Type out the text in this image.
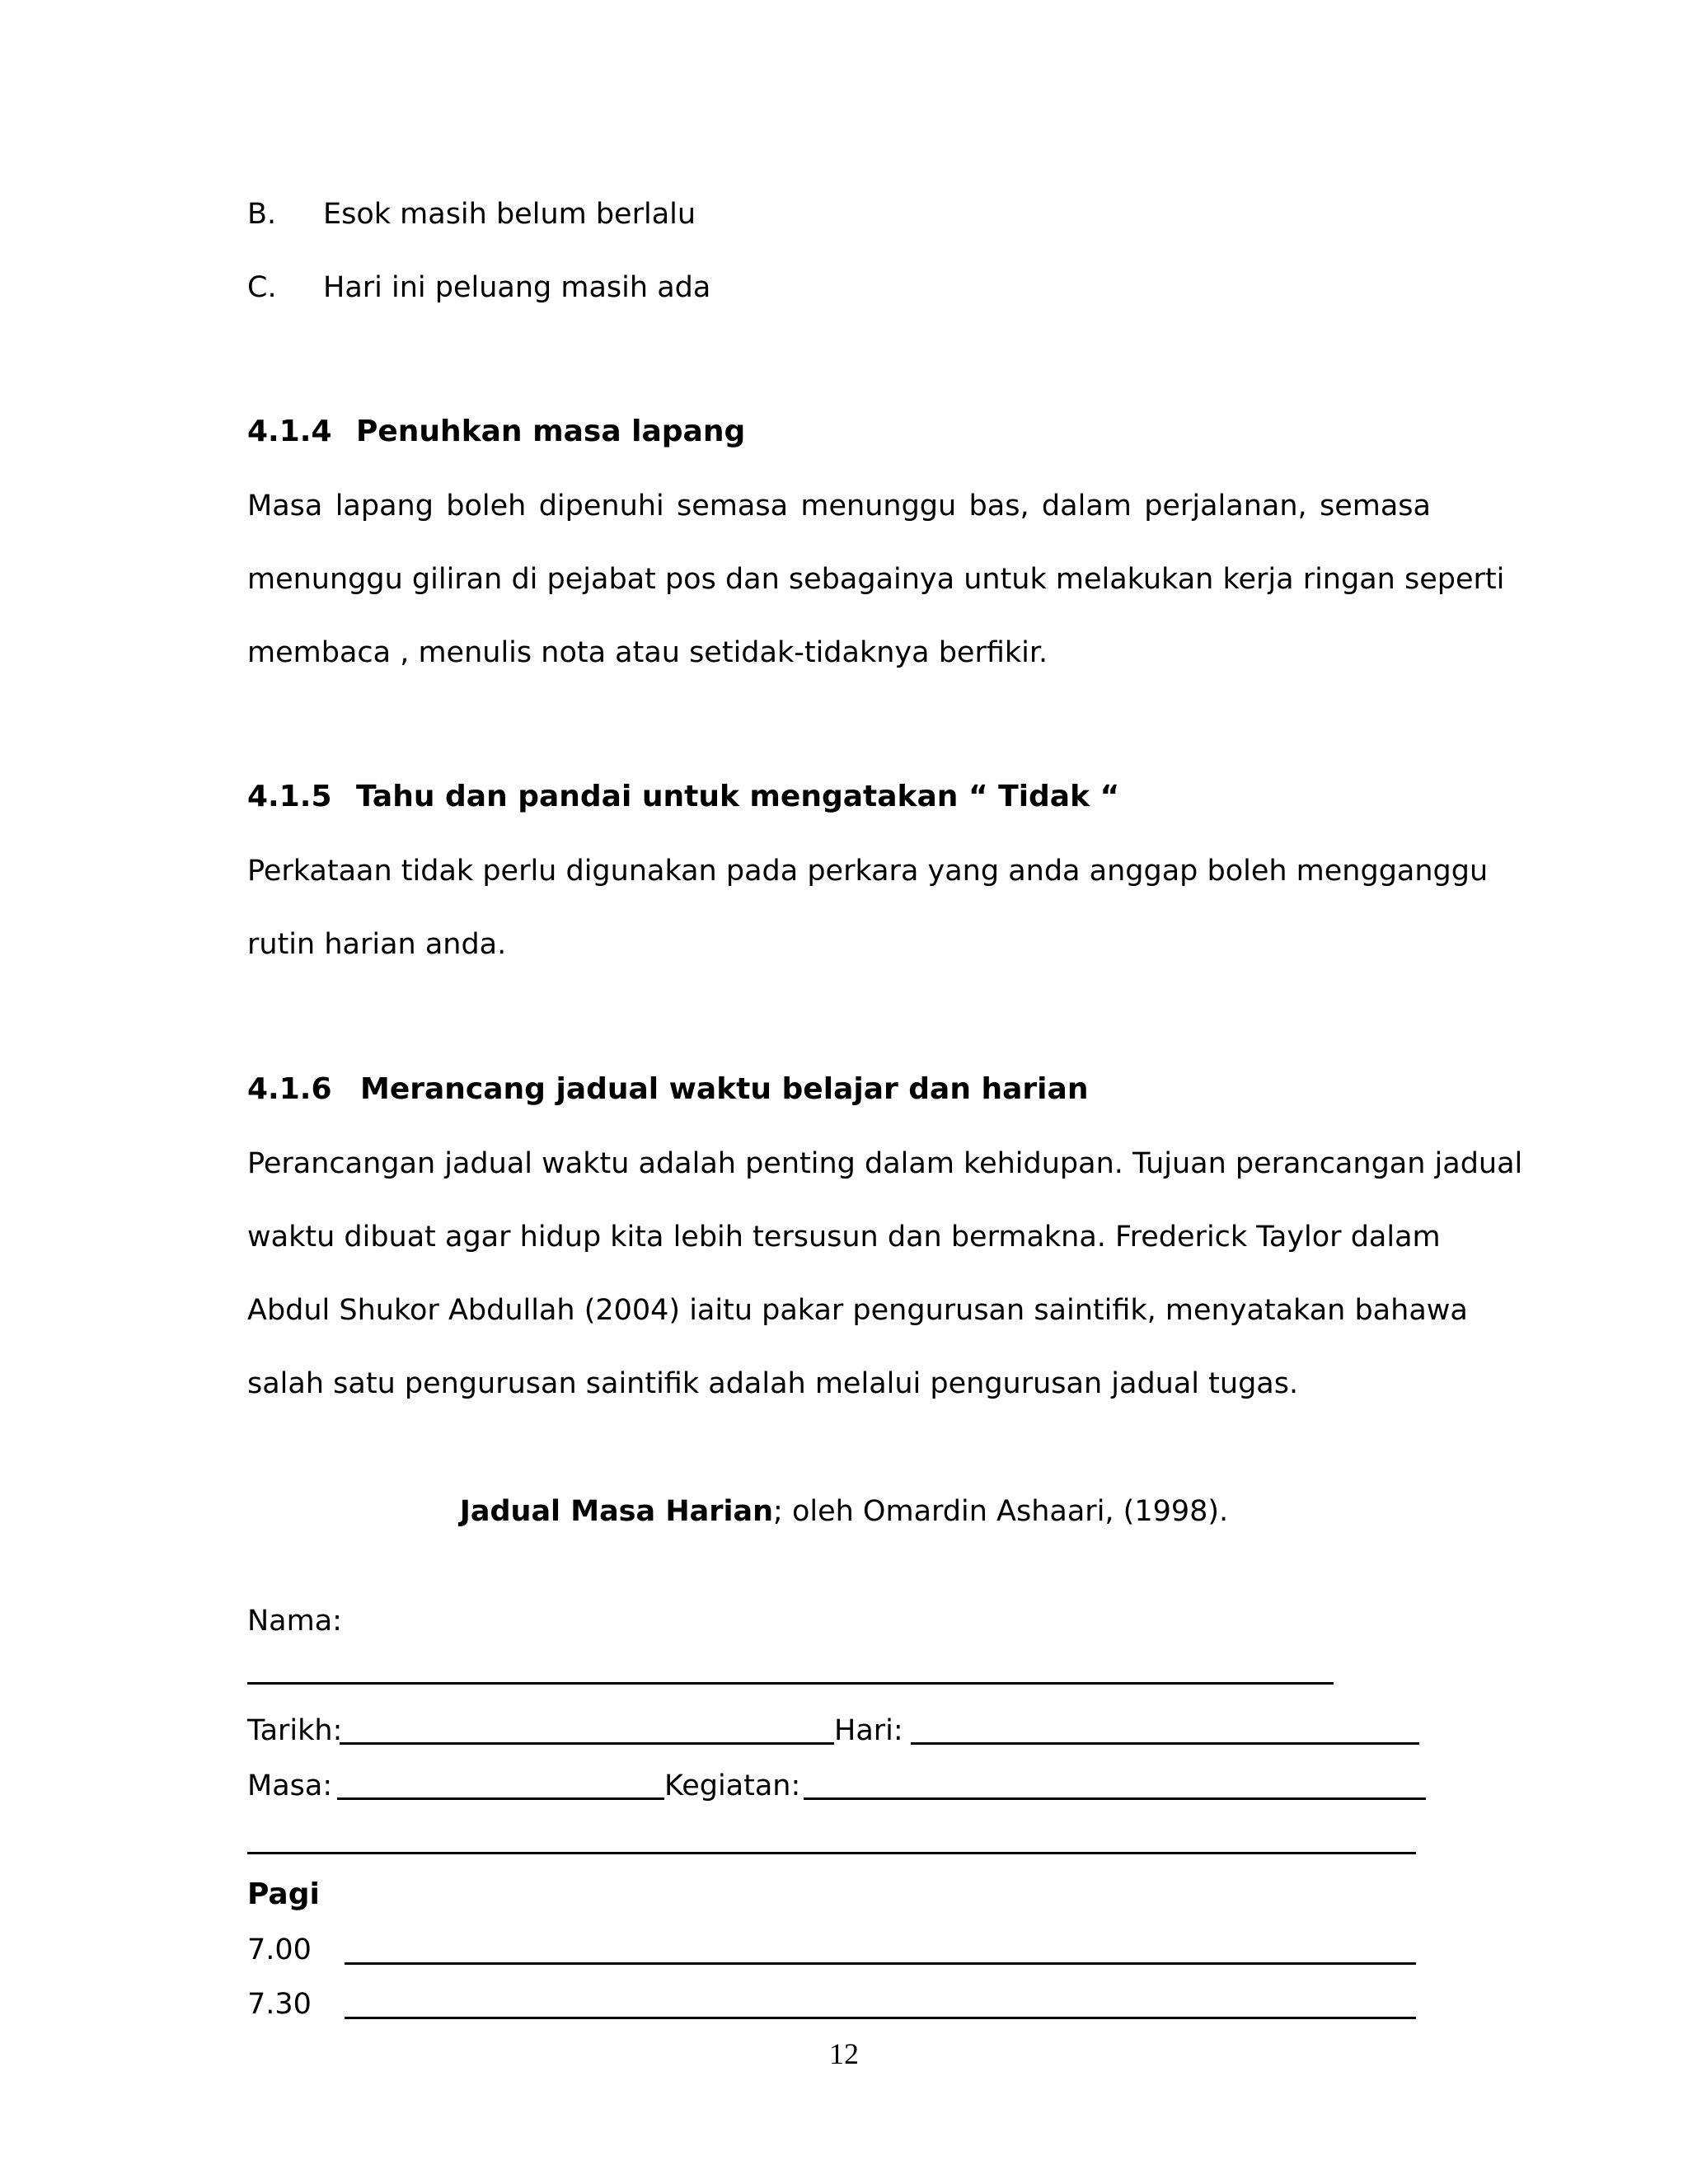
B. Esok masih belum berlalu
C. Hari ini peluang masih ada
4.1.4 Penuhkan masa lapang
Masa lapang boleh dipenuhi semasa menunggu bas, dalam perjalanan, semasa
menunggu giliran di pejabat pos dan sebagainya untuk melakukan kerja ringan seperti
membaca , menulis nota atau setidak-tidaknya berfikir.
4.1.5 Tahu dan pandai untuk mengatakan “ Tidak “
Perkataan tidak perlu digunakan pada perkara yang anda anggap boleh mengganggu
rutin harian anda.
4.1.6 Merancang jadual waktu belajar dan harian
Perancangan jadual waktu adalah penting dalam kehidupan. Tujuan perancangan jadual
waktu dibuat agar hidup kita lebih tersusun dan bermakna. Frederick Taylor dalam
Abdul Shukor Abdullah (2004) iaitu pakar pengurusan saintifik, menyatakan bahawa
salah satu pengurusan saintifik adalah melalui pengurusan jadual tugas.
Jadual Masa Harian; oleh Omardin Ashaari, (1998).
Nama:
Tarikh:	Hari:
Masa:	Kegiatan:
Pagi
7.00
7.30
12
